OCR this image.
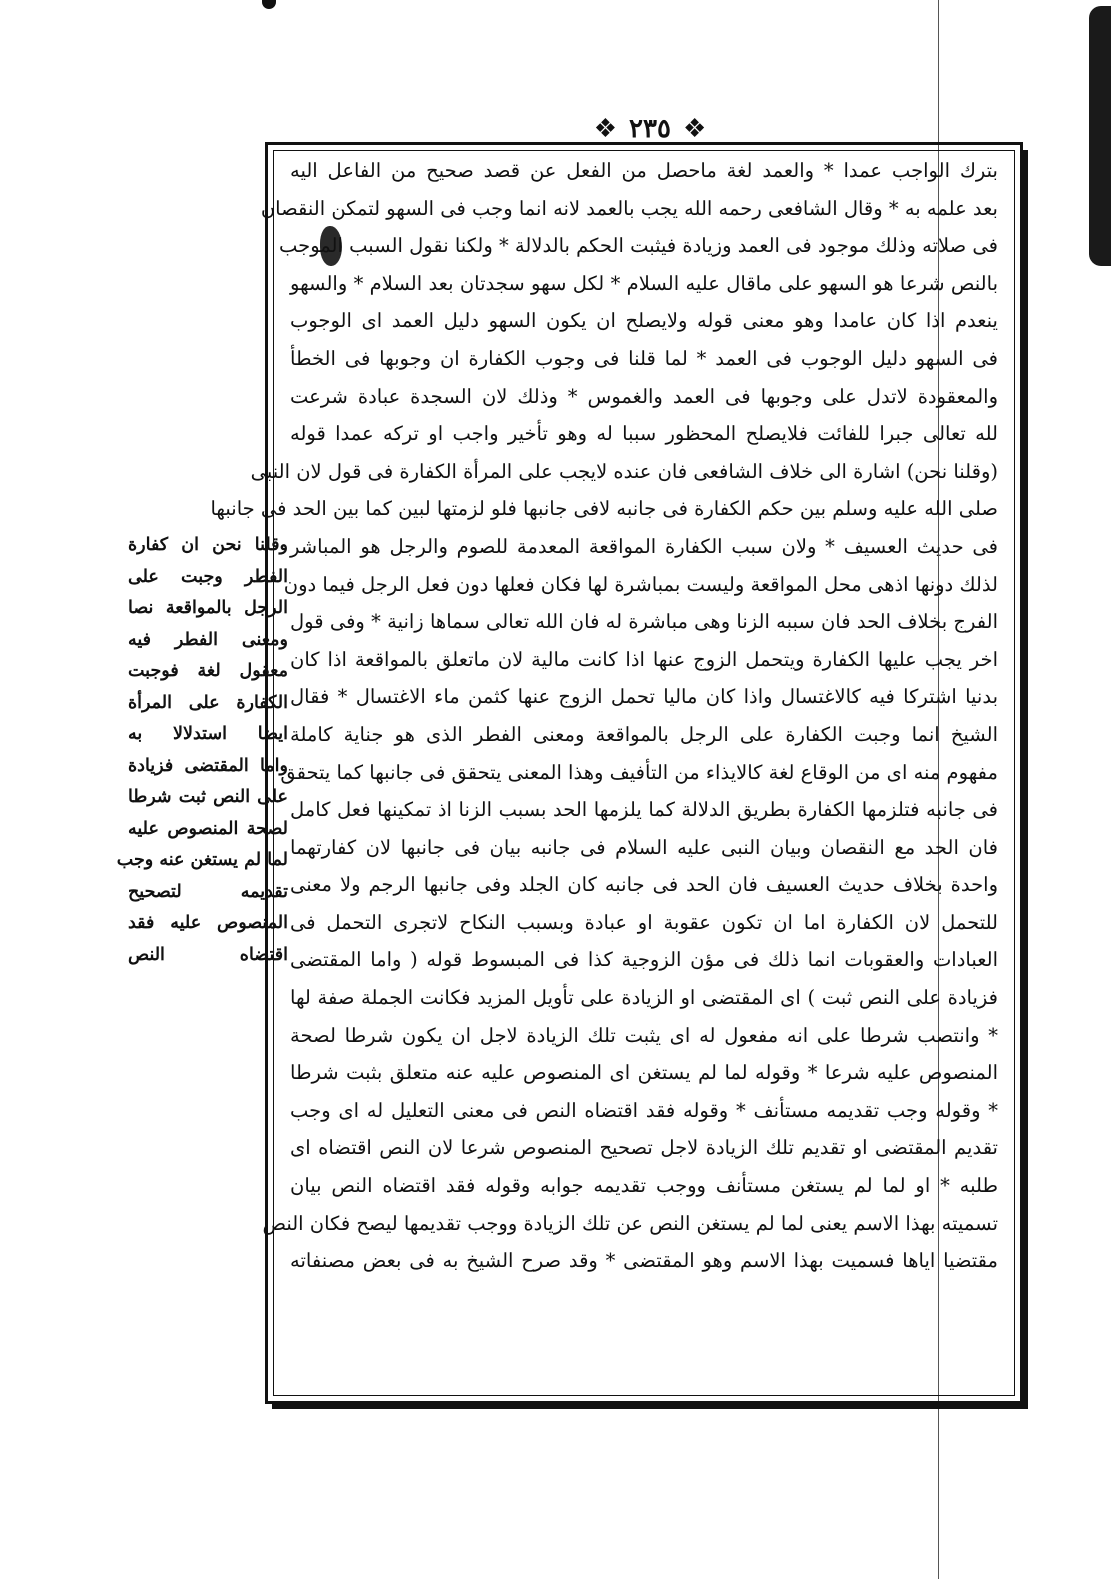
❖ ٢٣٥ ❖
بترك الواجب عمدا * والعمد لغة ماحصل من الفعل عن قصد صحيح من الفاعل اليه
بعد علمه به * وقال الشافعى رحمه الله يجب بالعمد لانه انما وجب فى السهو لتمكن النقصان
فى صلاته وذلك موجود فى العمد وزيادة فيثبت الحكم بالدلالة * ولكنا نقول السبب الموجب
بالنص شرعا هو السهو على ماقال عليه السلام * لكل سهو سجدتان بعد السلام * والسهو
ينعدم اذا كان عامدا وهو معنى قوله ولايصلح ان يكون السهو دليل العمد اى الوجوب
فى السهو دليل الوجوب فى العمد * لما قلنا فى وجوب الكفارة ان وجوبها فى الخطأ
والمعقودة لاتدل على وجوبها فى العمد والغموس * وذلك لان السجدة عبادة شرعت
لله تعالى جبرا للفائت فلايصلح المحظور سببا له وهو تأخير واجب او تركه عمدا قوله
(وقلنا نحن) اشارة الى خلاف الشافعى فان عنده لايجب على المرأة الكفارة فى قول لان النبى
صلى الله عليه وسلم بين حكم الكفارة فى جانبه لافى جانبها فلو لزمتها لبين كما بين الحد فى جانبها
فى حديث العسيف * ولان سبب الكفارة المواقعة المعدمة للصوم والرجل هو المباشر
لذلك دونها اذهى محل المواقعة وليست بمباشرة لها فكان فعلها دون فعل الرجل فيما دون
الفرج بخلاف الحد فان سببه الزنا وهى مباشرة له فان الله تعالى سماها زانية * وفى قول
اخر يجب عليها الكفارة ويتحمل الزوج عنها اذا كانت مالية لان ماتعلق بالمواقعة اذا كان
بدنيا اشتركا فيه كالاغتسال واذا كان ماليا تحمل الزوج عنها كثمن ماء الاغتسال * فقال
الشيخ انما وجبت الكفارة على الرجل بالمواقعة ومعنى الفطر الذى هو جناية كاملة
مفهوم منه اى من الوقاع لغة كالايذاء من التأفيف وهذا المعنى يتحقق فى جانبها كما يتحقق
فى جانبه فتلزمها الكفارة بطريق الدلالة كما يلزمها الحد بسبب الزنا اذ تمكينها فعل كامل
فان الحد مع النقصان وبيان النبى عليه السلام فى جانبه بيان فى جانبها لان كفارتهما
واحدة بخلاف حديث العسيف فان الحد فى جانبه كان الجلد وفى جانبها الرجم ولا معنى
للتحمل لان الكفارة اما ان تكون عقوبة او عبادة وبسبب النكاح لاتجرى التحمل فى
العبادات والعقوبات انما ذلك فى مؤن الزوجية كذا فى المبسوط قوله ( واما المقتضى
فزيادة على النص ثبت ) اى المقتضى او الزيادة على تأويل المزيد فكانت الجملة صفة لها
* وانتصب شرطا على انه مفعول له اى يثبت تلك الزيادة لاجل ان يكون شرطا لصحة
المنصوص عليه شرعا * وقوله لما لم يستغن اى المنصوص عليه عنه متعلق بثبت شرطا
* وقوله وجب تقديمه مستأنف * وقوله فقد اقتضاه النص فى معنى التعليل له اى وجب
تقديم المقتضى او تقديم تلك الزيادة لاجل تصحيح المنصوص شرعا لان النص اقتضاه اى
طلبه * او لما لم يستغن مستأنف ووجب تقديمه جوابه وقوله فقد اقتضاه النص بيان
تسميته بهذا الاسم يعنى لما لم يستغن النص عن تلك الزيادة ووجب تقديمها ليصح فكان النص
مقتضيا اياها فسميت بهذا الاسم وهو المقتضى * وقد صرح الشيخ به فى بعض مصنفاته
وقلنا نحن ان كفارة
الفطر وجبت على
الرجل بالمواقعة نصا
ومعنى الفطر فيه
معقول لغة فوجبت
الكفارة على المرأة
ايضا استدلالا به
واما المقتضى فزيادة
على النص ثبت شرطا
لصحة المنصوص عليه
لما لم يستغن عنه وجب
تقديمه لتصحيح
المنصوص عليه فقد
اقتضاه النص
